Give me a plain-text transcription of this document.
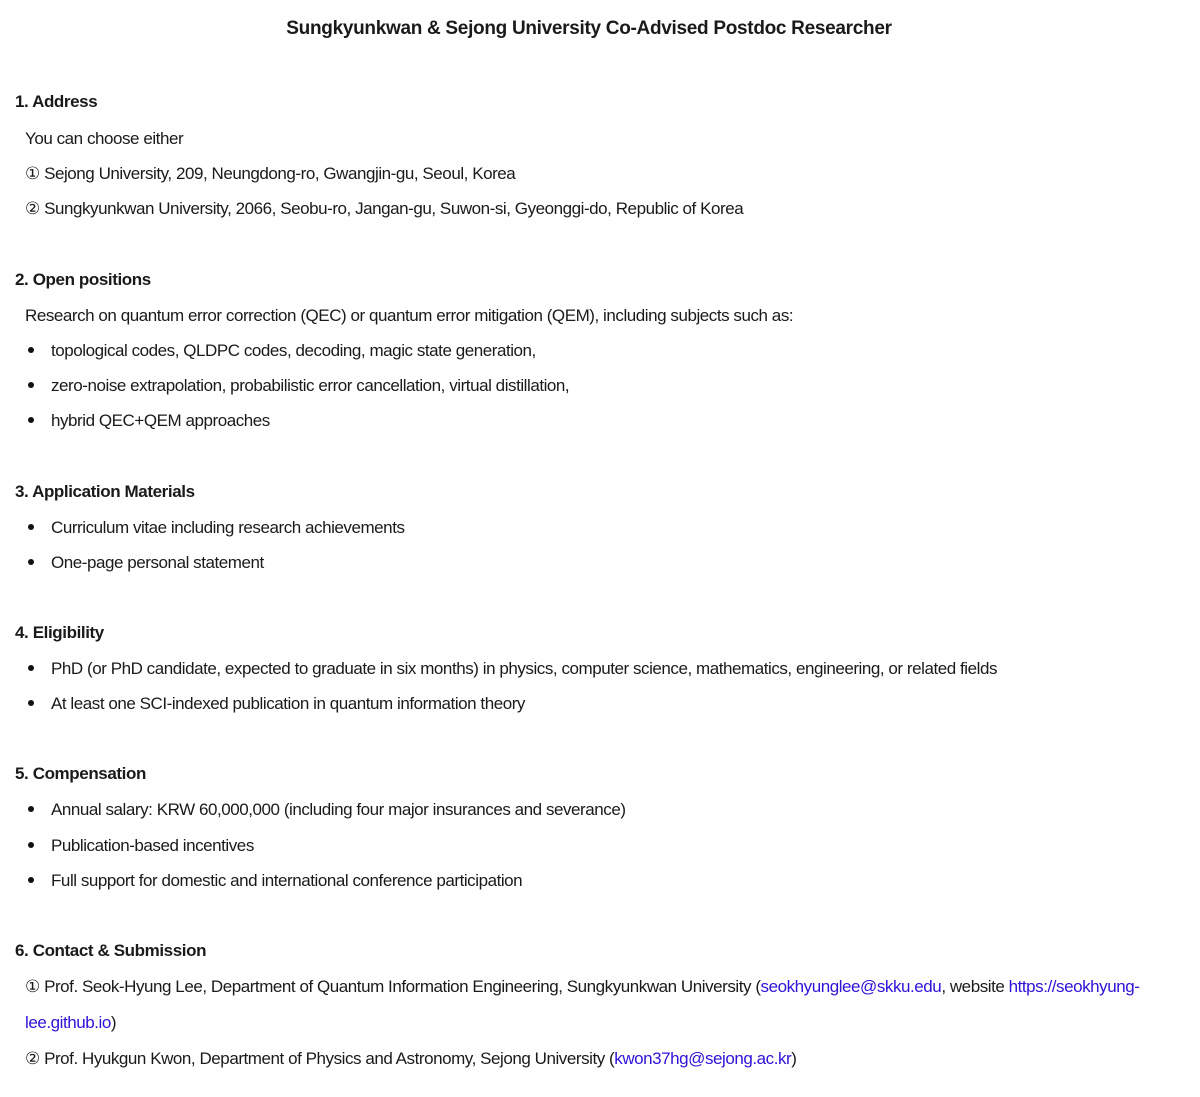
Sungkyunkwan & Sejong University Co-Advised Postdoc Researcher
1. Address
You can choose either
① Sejong University, 209, Neungdong-ro, Gwangjin-gu, Seoul, Korea
② Sungkyunkwan University, 2066, Seobu-ro, Jangan-gu, Suwon-si, Gyeonggi-do, Republic of Korea
2. Open positions
Research on quantum error correction (QEC) or quantum error mitigation (QEM), including subjects such as:
topological codes, QLDPC codes, decoding, magic state generation,
zero-noise extrapolation, probabilistic error cancellation, virtual distillation,
hybrid QEC+QEM approaches
3. Application Materials
Curriculum vitae including research achievements
One-page personal statement
4. Eligibility
PhD (or PhD candidate, expected to graduate in six months) in physics, computer science, mathematics, engineering, or related fields
At least one SCI-indexed publication in quantum information theory
5. Compensation
Annual salary: KRW 60,000,000 (including four major insurances and severance)
Publication-based incentives
Full support for domestic and international conference participation
6. Contact & Submission
① Prof. Seok-Hyung Lee, Department of Quantum Information Engineering, Sungkyunkwan University (seokhyunglee@skku.edu, website https://seokhyung-lee.github.io)
② Prof. Hyukgun Kwon, Department of Physics and Astronomy, Sejong University (kwon37hg@sejong.ac.kr)
